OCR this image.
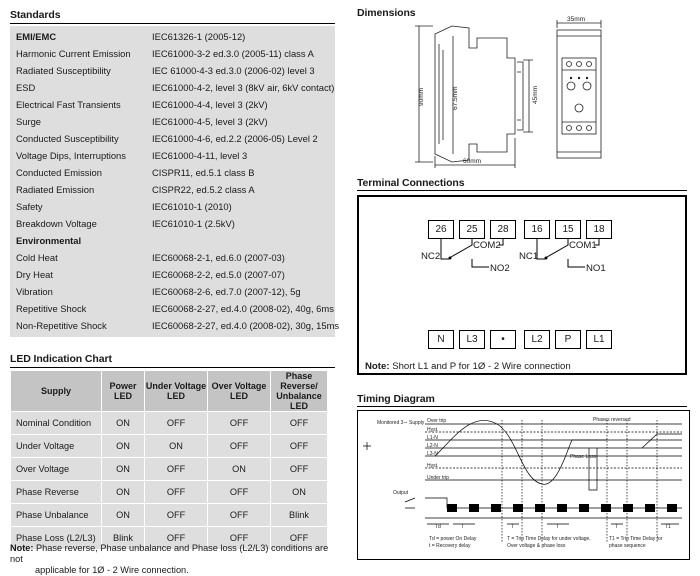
Standards
EMI/EMC	IEC61326-1 (2005-12)
Harmonic Current Emission IEC61000-3-2 ed.3.0 (2005-11) class A
Radiated Susceptibility	IEC 61000-4-3 ed.3.0 (2006-02) level 3
ESD	IEC61000-4-2, level 3 (8kV air, 6kV contact)
Electrical Fast Transients	IEC61000-4-4, level 3 (2kV)
Surge	IEC61000-4-5, level 3 (2kV)
Conducted Susceptibility	IEC61000-4-6, ed.2.2 (2006-05) Level 2
Voltage Dips, Interruptions	IEC61000-4-11, level 3
Conducted Emission	CISPR11, ed.5.1 class B
Radiated Emission	CISPR22, ed.5.2 class A
Safety	IEC61010-1 (2010)
Breakdown Voltage	IEC61010-1 (2.5kV)
Environmental
Cold Heat	IEC60068-2-1, ed.6.0 (2007-03)
Dry Heat	IEC60068-2-2, ed.5.0 (2007-07)
Vibration	IEC60068-2-6, ed.7.0 (2007-12), 5g
Repetitive Shock	IEC60068-2-27, ed.4.0 (2008-02), 40g, 6ms
Non-Repetitive Shock	IEC60068-2-27, ed.4.0 (2008-02), 30g, 15ms
LED Indication Chart
Supply	Power LED	Under Voltage LED	Over Voltage LED	Phase Reverse/ Unbalance LED
Nominal Condition	ON	OFF	OFF	OFF
Under Voltage	ON	ON	OFF	OFF
Over Voltage	ON	OFF	ON	OFF
Phase Reverse	ON	OFF	OFF	ON
Phase Unbalance	ON	OFF	OFF	Blink
Phase Loss (L2/L3)	Blink	OFF	OFF	OFF
Note: Phase reverse, Phase unbalance and Phase loss (L2/L3) conditions are not
applicable for 1Ø - 2 Wire connection.
Dimensions
90mm	67.5mm	45mm
60mm
35mm
Terminal Connections
26	25	28	16	15	18
COM2	COM1
NC2	NC1
NO2	NO1
N	L3	•	L2	P	L1
Note: Short L1 and P for 1Ø - 2 Wire connection
Timing Diagram
Monitored 3∼ Supply Over trip
Hyst.
L1-N
L2-N
L3-N
Hyst.
Under trip
Phases reversed
Phase Loss
Output
Td	T	T	T	T	T1
Td = power On Delay
t = Recovery delay
T = Trip Time Delay for under voltage,
Over voltage & phase loss
T1 = Trip Time Delay for
phase sequence
